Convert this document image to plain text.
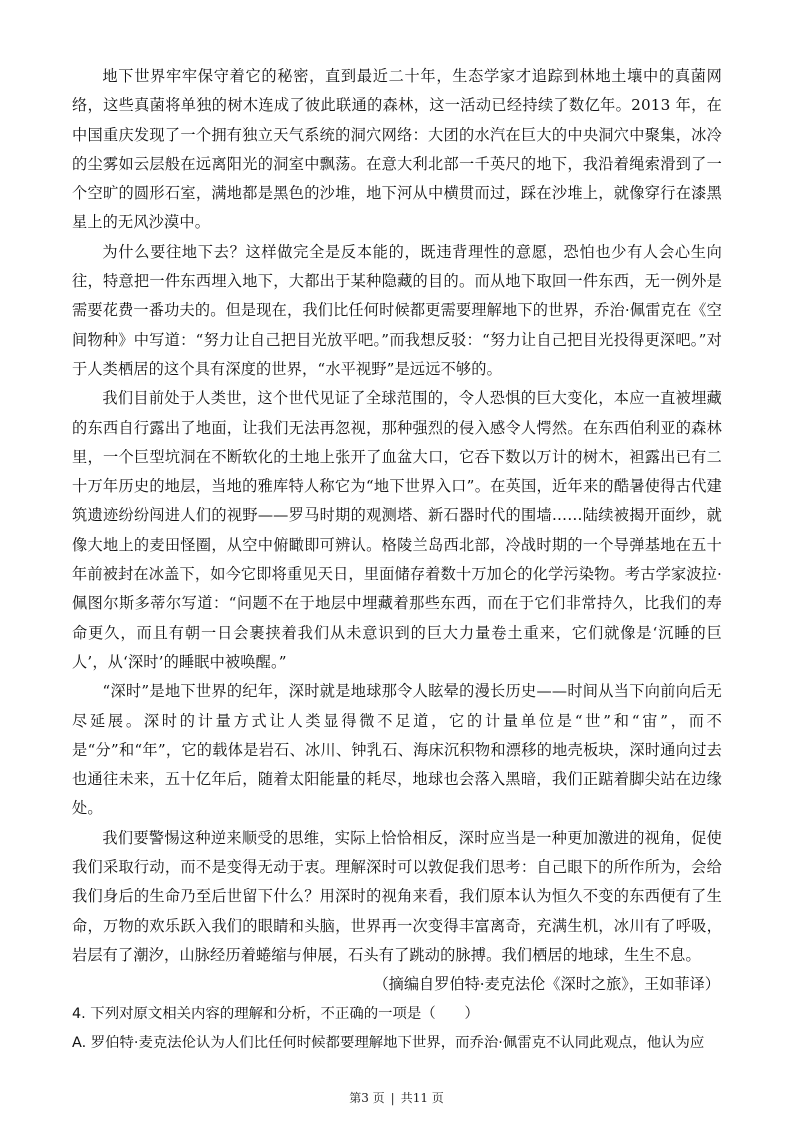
地下世界牢牢保守着它的秘密，直到最近二十年，生态学家才追踪到林地土壤中的真菌网络，这些真菌将单独的树木连成了彼此联通的森林，这一活动已经持续了数亿年。2013 年，在中国重庆发现了一个拥有独立天气系统的洞穴网络：大团的水汽在巨大的中央洞穴中聚集，冰冷的尘雾如云层般在远离阳光的洞室中飘荡。在意大利北部一千英尺的地下，我沿着绳索滑到了一个空旷的圆形石室，满地都是黑色的沙堆，地下河从中横贯而过，踩在沙堆上，就像穿行在漆黑星上的无风沙漠中。

为什么要往地下去？这样做完全是反本能的，既违背理性的意愿，恐怕也少有人会心生向往，特意把一件东西埋入地下，大都出于某种隐藏的目的。而从地下取回一件东西，无一例外是需要花费一番功夫的。但是现在，我们比任何时候都更需要理解地下的世界，乔治·佩雷克在《空间物种》中写道：“努力让自己把目光放平吧。”而我想反驳：“努力让自己把目光投得更深吧。”对于人类栖居的这个具有深度的世界，“水平视野”是远远不够的。

我们目前处于人类世，这个世代见证了全球范围的，令人恐惧的巨大变化，本应一直被埋藏的东西自行露出了地面，让我们无法再忽视，那种强烈的侵入感令人愕然。在东西伯利亚的森林里，一个巨型坑洞在不断软化的土地上张开了血盆大口，它吞下数以万计的树木，袒露出已有二十万年历史的地层，当地的雅库特人称它为“地下世界入口”。在英国，近年来的酷暑使得古代建筑遗迹纷纷闯进人们的视野——罗马时期的观测塔、新石器时代的围墙……陆续被揭开面纱，就像大地上的麦田怪圈，从空中俯瞰即可辨认。格陵兰岛西北部，冷战时期的一个导弹基地在五十年前被封在冰盖下，如今它即将重见天日，里面储存着数十万加仑的化学污染物。考古学家波拉·佩图尔斯多蒂尔写道：“问题不在于地层中埋藏着那些东西，而在于它们非常持久，比我们的寿命更久，而且有朝一日会裹挟着我们从未意识到的巨大力量卷土重来，它们就像是‘沉睡的巨人’，从‘深时’的睡眠中被唤醒。”

“深时”是地下世界的纪年，深时就是地球那令人眩晕的漫长历史——时间从当下向前向后无尽延展。深时的计量方式让人类显得微不足道，它的计量单位是“世”和“宙”，而不是“分”和“年”，它的载体是岩石、冰川、钟乳石、海床沉积物和漂移的地壳板块，深时通向过去也通往未来，五十亿年后，随着太阳能量的耗尽，地球也会落入黑暗，我们正踮着脚尖站在边缘处。

我们要警惕这种逆来顺受的思维，实际上恰恰相反，深时应当是一种更加激进的视角，促使我们采取行动，而不是变得无动于衷。理解深时可以敦促我们思考：自己眼下的所作所为，会给我们身后的生命乃至后世留下什么？用深时的视角来看，我们原本认为恒久不变的东西便有了生命，万物的欢乐跃入我们的眼睛和头脑，世界再一次变得丰富离奇，充满生机，冰川有了呼吸，岩层有了潮汐，山脉经历着蜷缩与伸展，石头有了跳动的脉搏。我们栖居的地球，生生不息。

（摘编自罗伯特·麦克法伦《深时之旅》，王如菲译）

4. 下列对原文相关内容的理解和分析，不正确的一项是（　　）

A. 罗伯特·麦克法伦认为人们比任何时候都要理解地下世界，而乔治·佩雷克不认同此观点，他认为应

第3 页 | 共11 页
